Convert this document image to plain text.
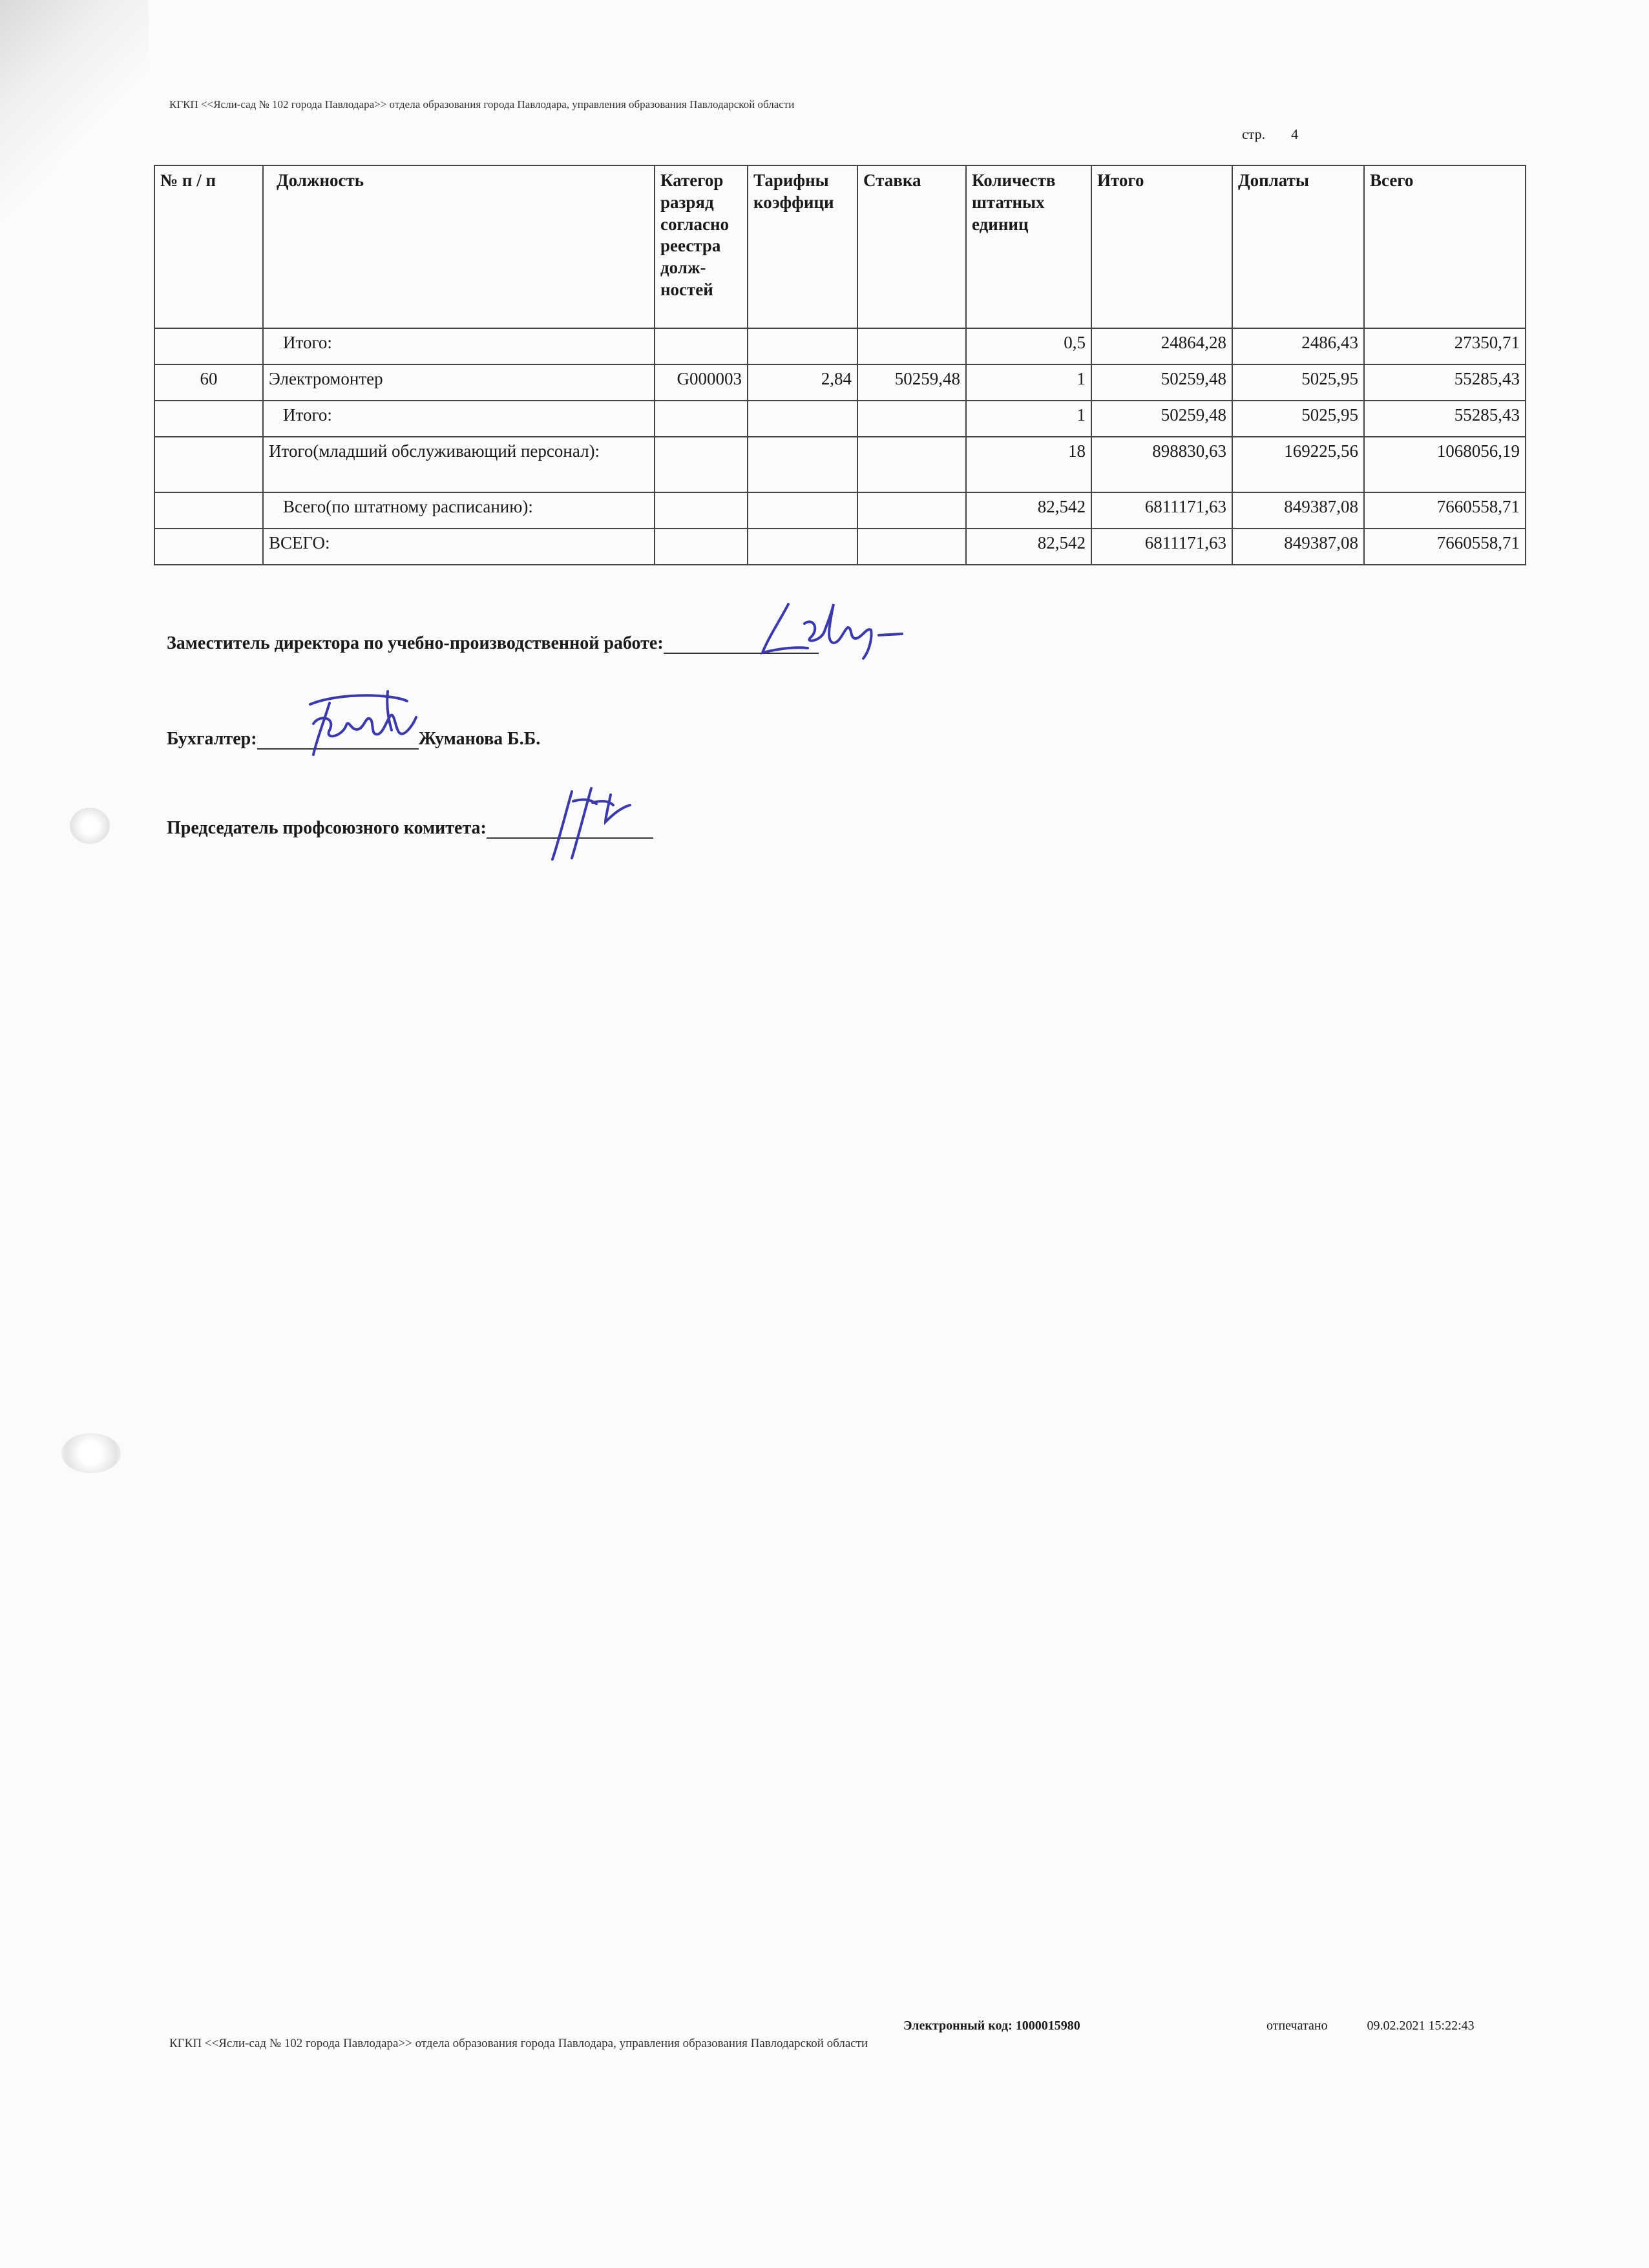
КГКП <<Ясли-сад № 102 города Павлодара>> отдела образования города Павлодара, управления образования Павлодарской области
стр. 4
№ п / п	Должность	Категор разряд согласно реестра долж-ностей	Тарифны коэффици	Ставка	Количеств штатных единиц	Итого	Доплаты	Всего
	Итого:				0,5	24864,28	2486,43	27350,71
60	Электромонтер	G000003	2,84	50259,48	1	50259,48	5025,95	55285,43
	Итого:				1	50259,48	5025,95	55285,43
	Итого(младший обслуживающий персонал):				18	898830,63	169225,56	1068056,19
	Всего(по штатному расписанию):				82,542	6811171,63	849387,08	7660558,71
	ВСЕГО:				82,542	6811171,63	849387,08	7660558,71
Заместитель директора по учебно-производственной работе:
Бухгалтер:	Жуманова Б.Б.
Председатель профсоюзного комитета:
Электронный код: 1000015980	отпечатано	09.02.2021 15:22:43
КГКП <<Ясли-сад № 102 города Павлодара>> отдела образования города Павлодара, управления образования Павлодарской области
